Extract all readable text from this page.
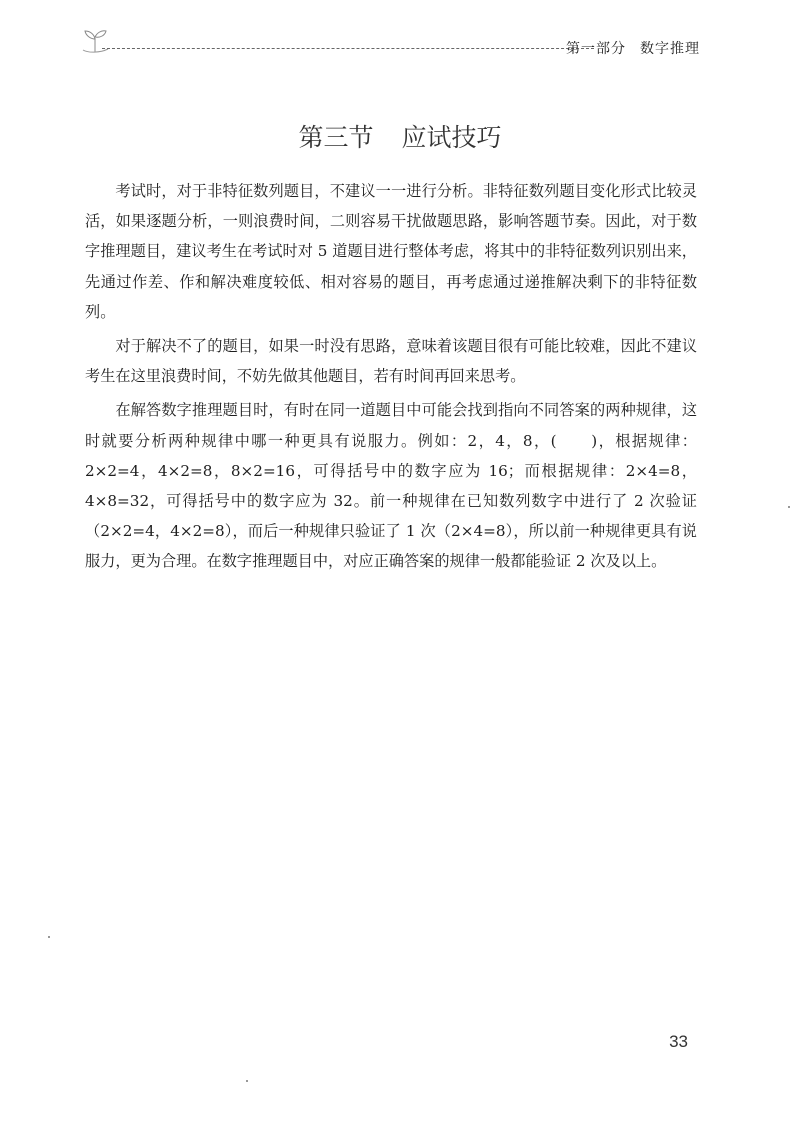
第一部分 数字推理
第三节 应试技巧

考试时，对于非特征数列题目，不建议一一进行分析。非特征数列题目变化形式比较灵活，如果逐题分析，一则浪费时间，二则容易干扰做题思路，影响答题节奏。因此，对于数字推理题目，建议考生在考试时对 5 道题目进行整体考虑，将其中的非特征数列识别出来，先通过作差、作和解决难度较低、相对容易的题目，再考虑通过递推解决剩下的非特征数列。

对于解决不了的题目，如果一时没有思路，意味着该题目很有可能比较难，因此不建议考生在这里浪费时间，不妨先做其他题目，若有时间再回来思考。

在解答数字推理题目时，有时在同一道题目中可能会找到指向不同答案的两种规律，这时就要分析两种规律中哪一种更具有说服力。例如：2，4，8，(　　)，根据规律：2×2=4，4×2=8，8×2=16，可得括号中的数字应为 16；而根据规律：2×4=8，4×8=32，可得括号中的数字应为 32。前一种规律在已知数列数字中进行了 2 次验证（2×2=4，4×2=8），而后一种规律只验证了 1 次（2×4=8），所以前一种规律更具有说服力，更为合理。在数字推理题目中，对应正确答案的规律一般都能验证 2 次及以上。

33
